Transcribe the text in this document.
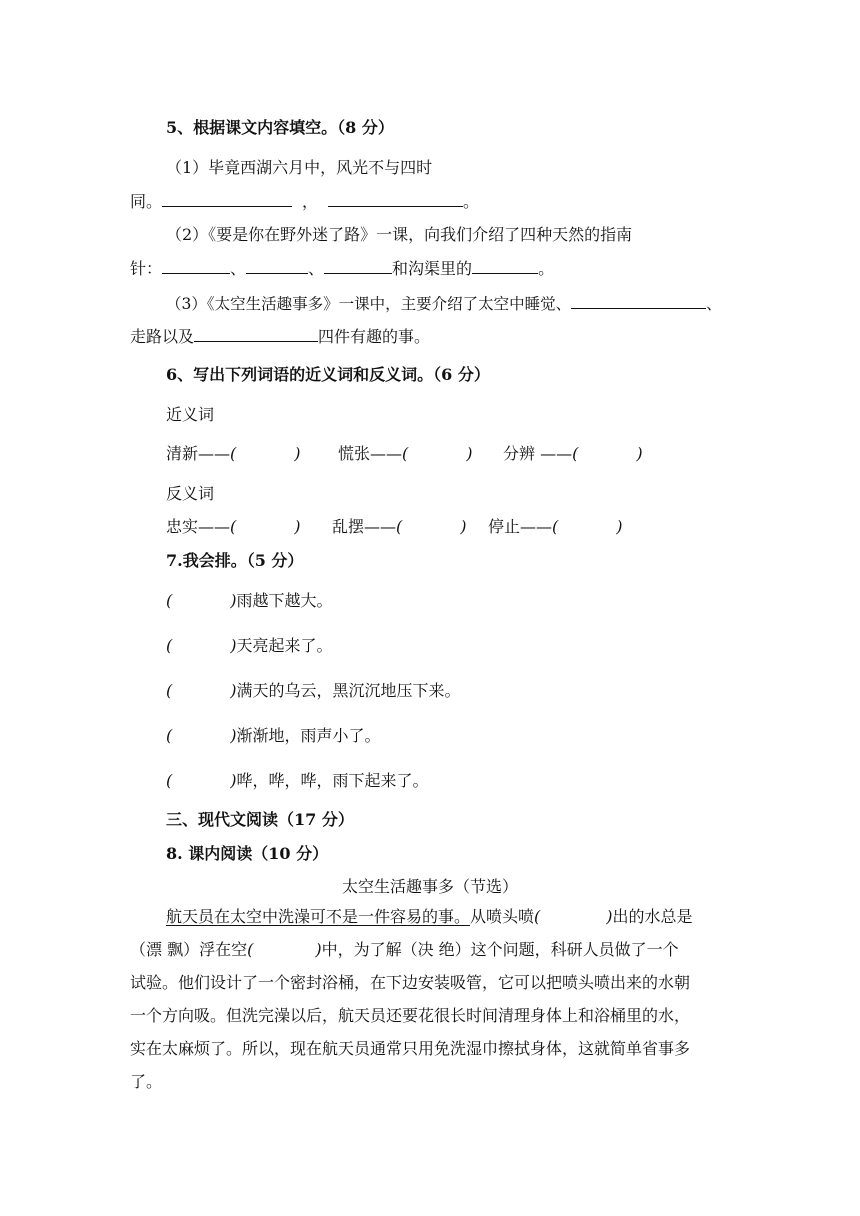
5、根据课文内容填空。（8 分）
（1）毕竟西湖六月中，风光不与四时
同。	，	。
（2）《要是你在野外迷了路》一课，向我们介绍了四种天然的指南
针：	、	、	和沟渠里的	。
（3）《太空生活趣事多》一课中，主要介绍了太空中睡觉、	、
走路以及	四件有趣的事。
6、写出下列词语的近义词和反义词。（6 分）
近义词
清新——(	) 慌张——(	) 分辨 ——(	)
反义词
忠实——(	) 乱摆——(	) 停止——(	)
7.我会排。（5 分）
(	)雨越下越大。
(	)天亮起来了。
(	)满天的乌云，黑沉沉地压下来。
(	)渐渐地，雨声小了。
(	)哗，哗，哗，雨下起来了。
三、现代文阅读（17 分）
8. 课内阅读（10 分）
太空生活趣事多（节选）
航天员在太空中洗澡可不是一件容易的事。从喷头喷(	)出的水总是
（漂 飘）浮在空(	)中，为了解（决 绝）这个问题，科研人员做了一个
试验。他们设计了一个密封浴桶，在下边安装吸管，它可以把喷头喷出来的水朝
一个方向吸。但洗完澡以后，航天员还要花很长时间清理身体上和浴桶里的水，
实在太麻烦了。所以，现在航天员通常只用免洗湿巾擦拭身体，这就简单省事多
了。
